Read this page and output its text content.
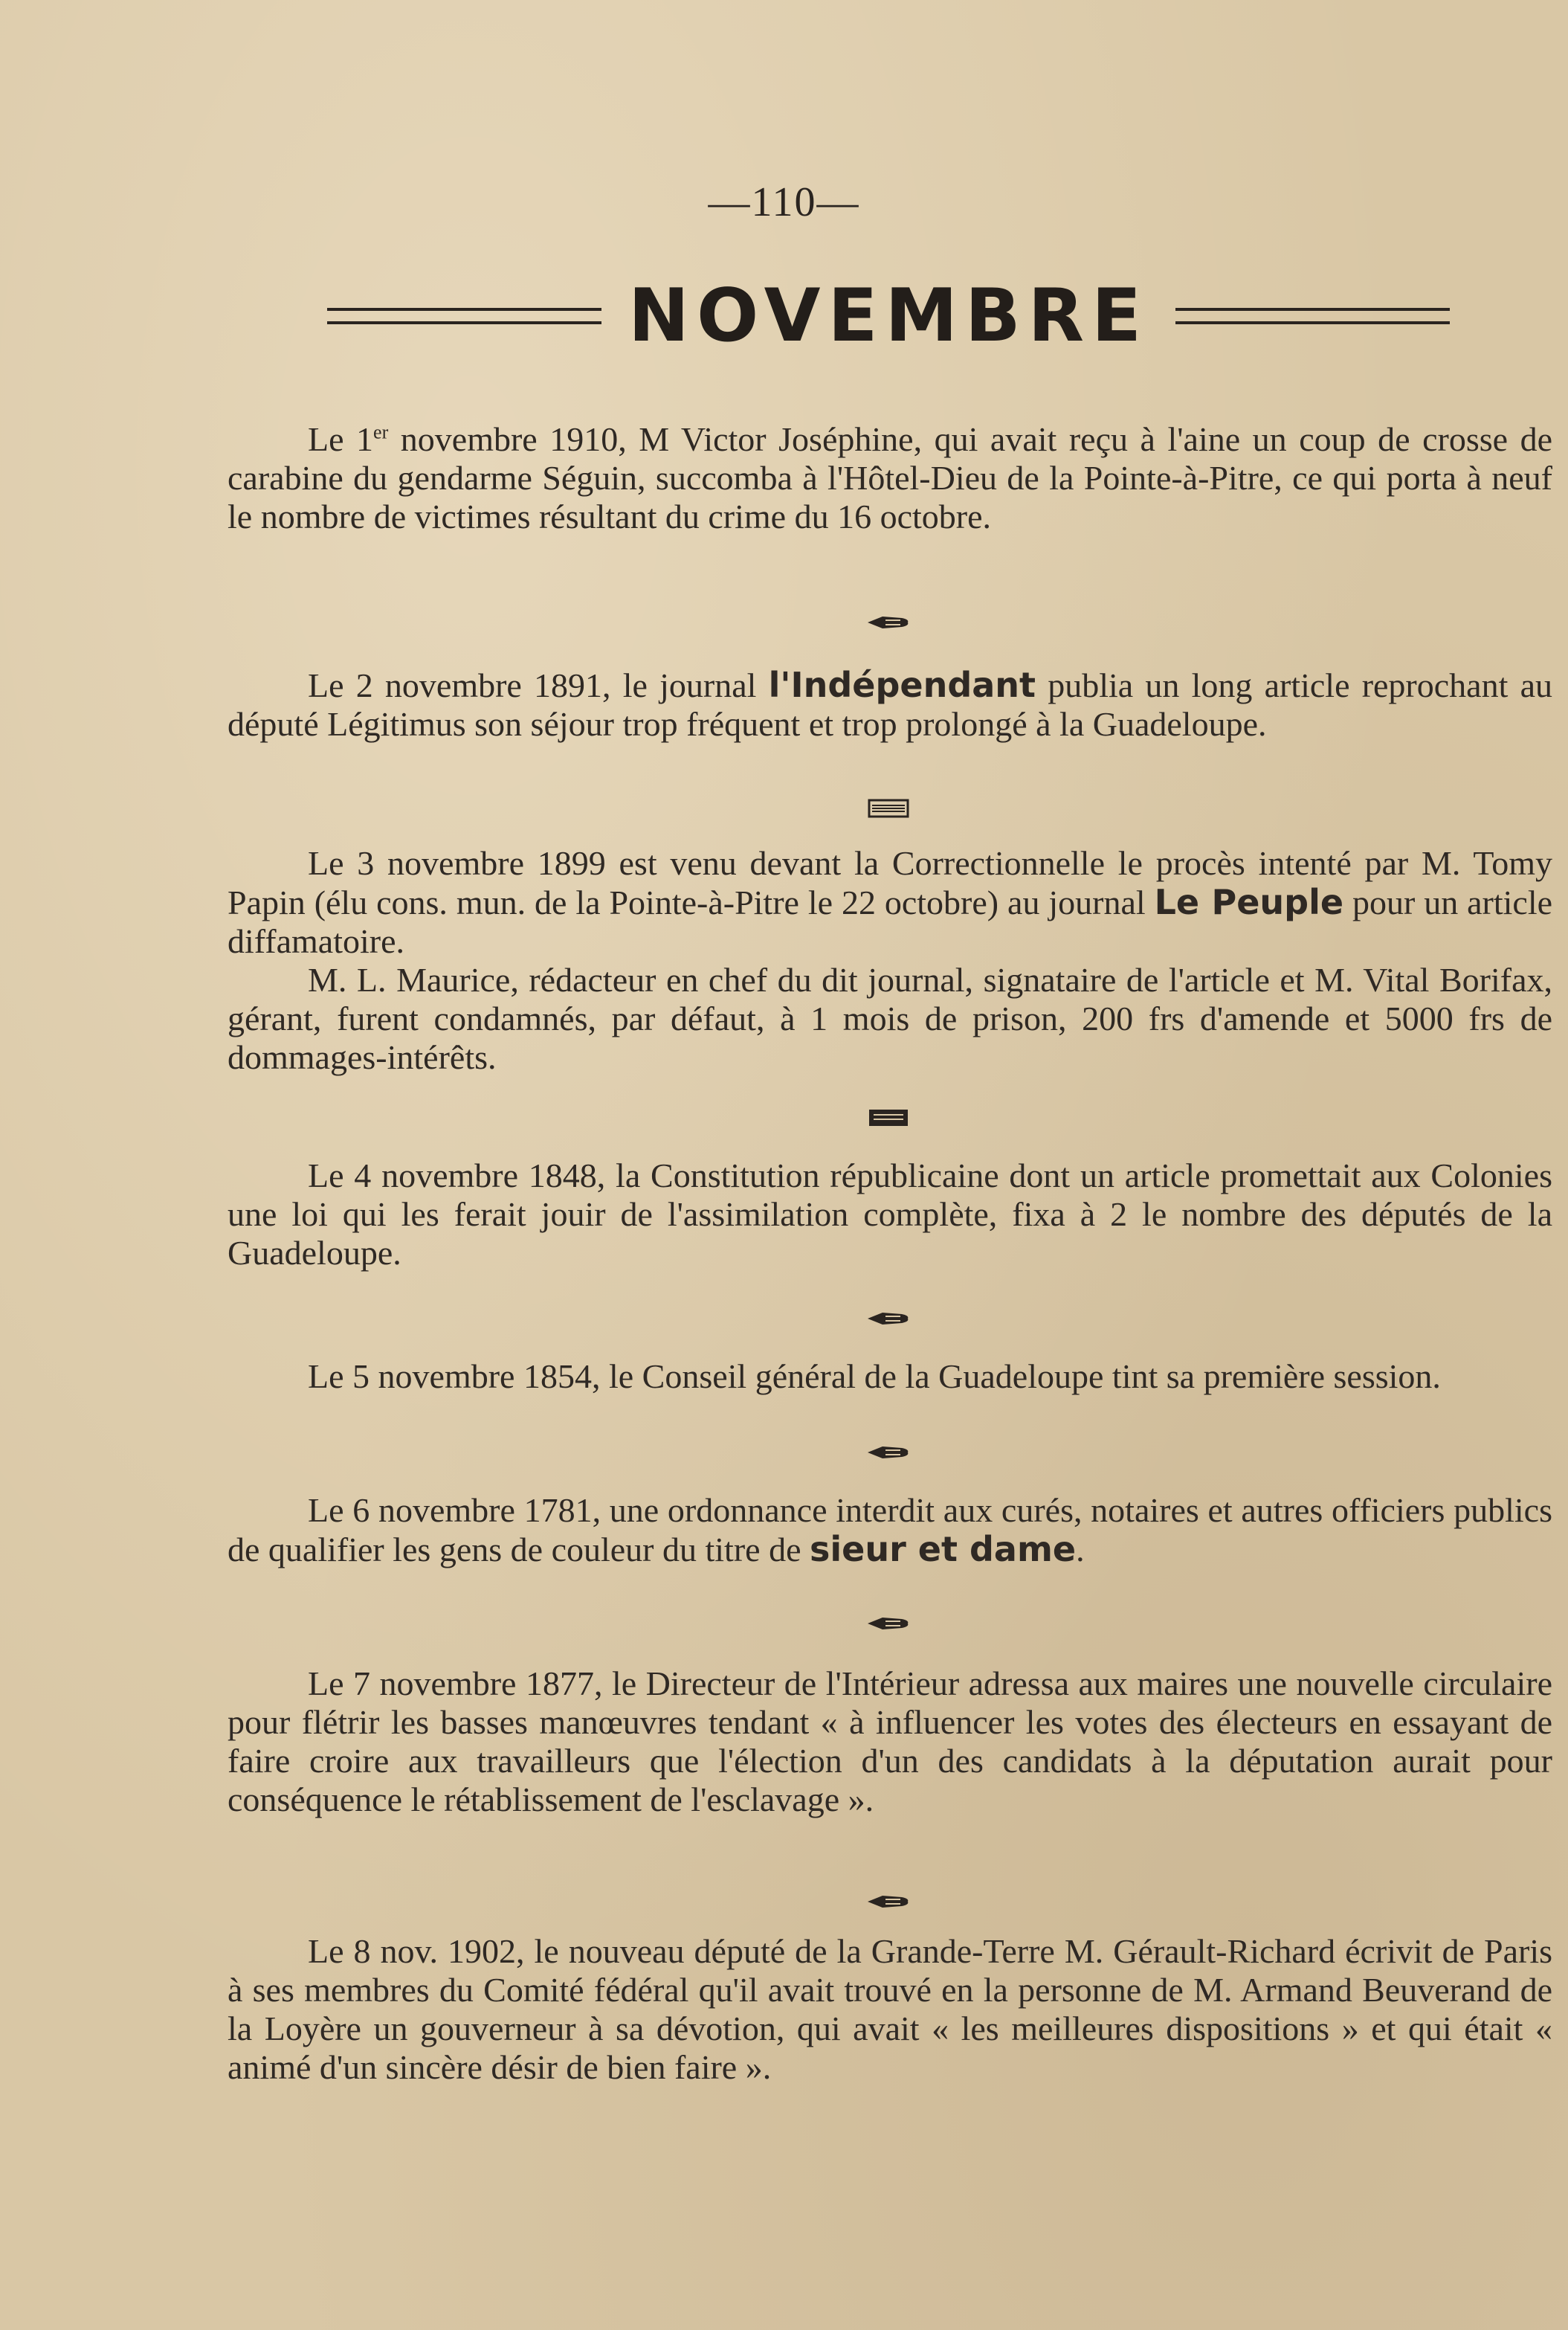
—110—
NOVEMBRE

Le 1er novembre 1910, M Victor Joséphine, qui avait reçu à l'aine un coup de crosse de carabine du gendarme Séguin, succomba à l'Hôtel-Dieu de la Pointe-à-Pitre, ce qui porta à neuf le nombre de victimes résultant du crime du 16 octobre.

Le 2 novembre 1891, le journal l'Indépendant publia un long article reprochant au député Légitimus son séjour trop fréquent et trop prolongé à la Guadeloupe.

Le 3 novembre 1899 est venu devant la Correctionnelle le procès intenté par M. Tomy Papin (élu cons. mun. de la Pointe-à-Pitre le 22 octobre) au journal Le Peuple pour un article diffamatoire.

M. L. Maurice, rédacteur en chef du dit journal, signataire de l'article et M. Vital Borifax, gérant, furent condamnés, par défaut, à 1 mois de prison, 200 frs d'amende et 5000 frs de dommages-intérêts.

Le 4 novembre 1848, la Constitution républicaine dont un article promettait aux Colonies une loi qui les ferait jouir de l'assimilation complète, fixa à 2 le nombre des députés de la Guadeloupe.

Le 5 novembre 1854, le Conseil général de la Guadeloupe tint sa première session.

Le 6 novembre 1781, une ordonnance interdit aux curés, notaires et autres officiers publics de qualifier les gens de couleur du titre de sieur et dame.

Le 7 novembre 1877, le Directeur de l'Intérieur adressa aux maires une nouvelle circulaire pour flétrir les basses manœuvres tendant « à influencer les votes des électeurs en essayant de faire croire aux travailleurs que l'élection d'un des candidats à la députation aurait pour conséquence le rétablissement de l'esclavage ».

Le 8 nov. 1902, le nouveau député de la Grande-Terre M. Gérault-Richard écrivit de Paris à ses membres du Comité fédéral qu'il avait trouvé en la personne de M. Armand Beuverand de la Loyère un gouverneur à sa dévotion, qui avait « les meilleures dispositions » et qui était « animé d'un sincère désir de bien faire ».
